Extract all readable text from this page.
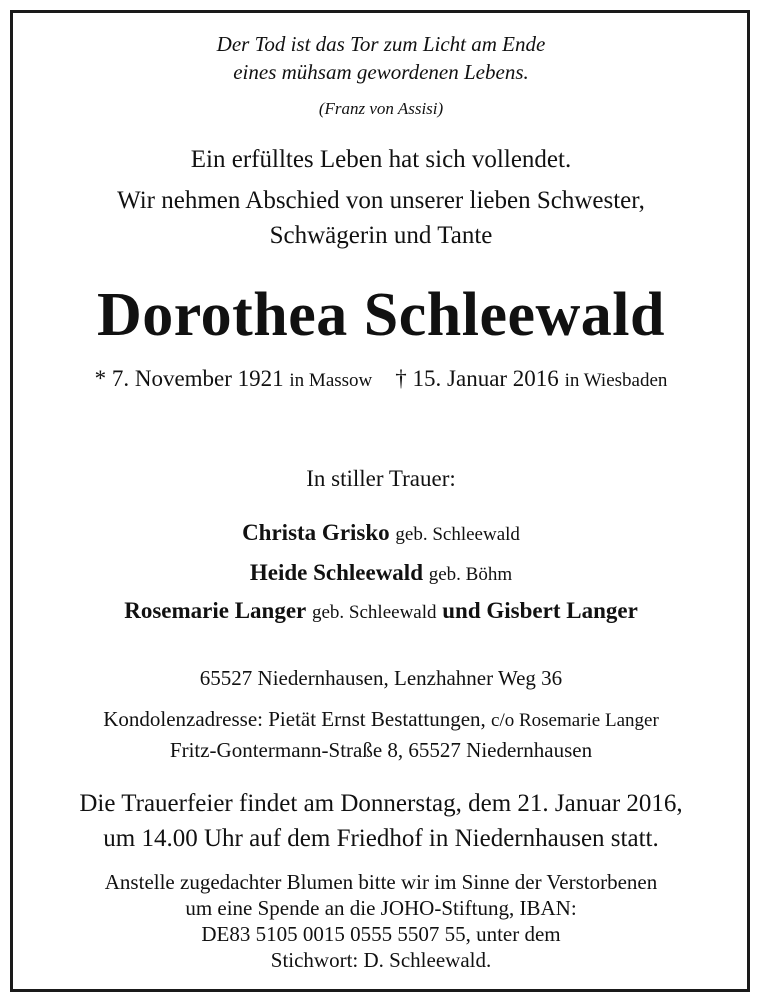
Der Tod ist das Tor zum Licht am Ende
eines mühsam gewordenen Lebens.
(Franz von Assisi)
Ein erfülltes Leben hat sich vollendet.
Wir nehmen Abschied von unserer lieben Schwester,
Schwägerin und Tante
Dorothea Schleewald
* 7. November 1921 in Massow † 15. Januar 2016 in Wiesbaden
In stiller Trauer:
Christa Grisko geb. Schleewald
Heide Schleewald geb. Böhm
Rosemarie Langer geb. Schleewald und Gisbert Langer
65527 Niedernhausen, Lenzhahner Weg 36
Kondolenzadresse: Pietät Ernst Bestattungen, c/o Rosemarie Langer
Fritz-Gontermann-Straße 8, 65527 Niedernhausen
Die Trauerfeier findet am Donnerstag, dem 21. Januar 2016,
um 14.00 Uhr auf dem Friedhof in Niedernhausen statt.
Anstelle zugedachter Blumen bitte wir im Sinne der Verstorbenen
um eine Spende an die JOHO-Stiftung, IBAN:
DE83 5105 0015 0555 5507 55, unter dem
Stichwort: D. Schleewald.
